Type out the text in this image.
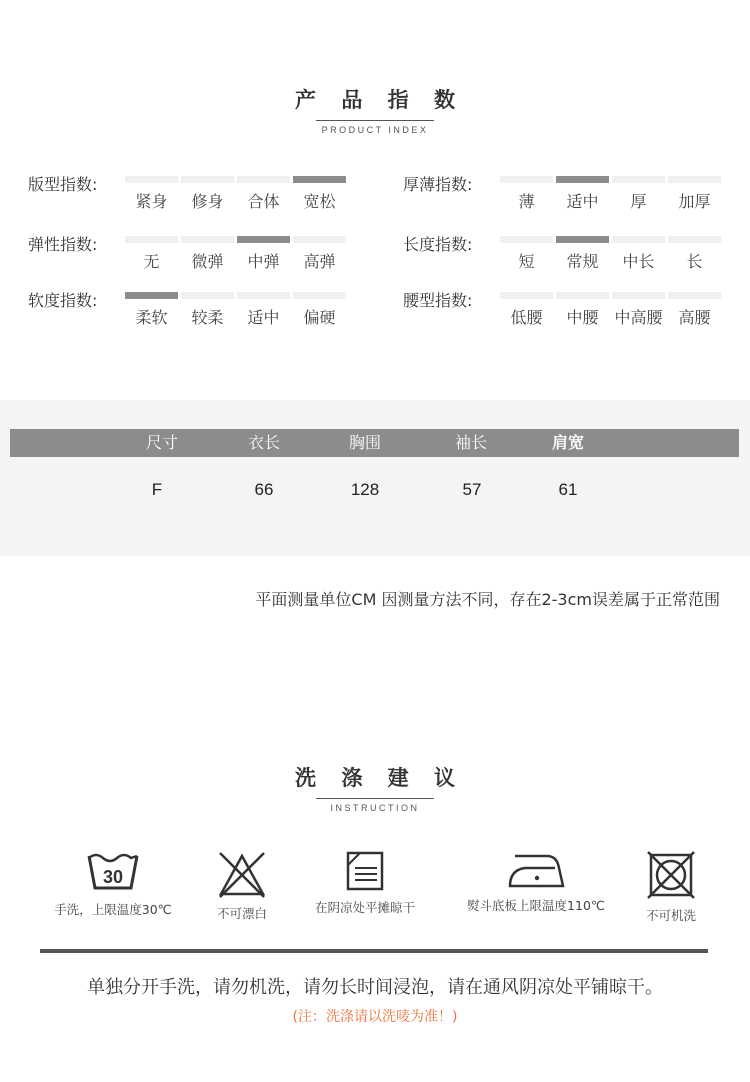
产 品 指 数
PRODUCT INDEX
版型指数:
紧身	修身	合体	宽松
厚薄指数:
薄	适中	厚	加厚
弹性指数:
无	微弹	中弹	高弹
长度指数:
短	常规	中长	长
软度指数:
柔软	较柔	适中	偏硬
腰型指数:
低腰	中腰 中高腰 高腰
尺寸	衣长	胸围	袖长	肩宽
F	66	128	57	61
平面测量单位CM 因测量方法不同，存在2-3cm误差属于正常范围
洗 涤 建 议
INSTRUCTION
30
手洗，上限温度30℃	不可漂白	在阴凉处平摊晾干	熨斗底板上限温度110℃
不可机洗
单独分开手洗，请勿机洗，请勿长时间浸泡，请在通风阴凉处平铺晾干。
(注：洗涤请以洗唛为准！)
